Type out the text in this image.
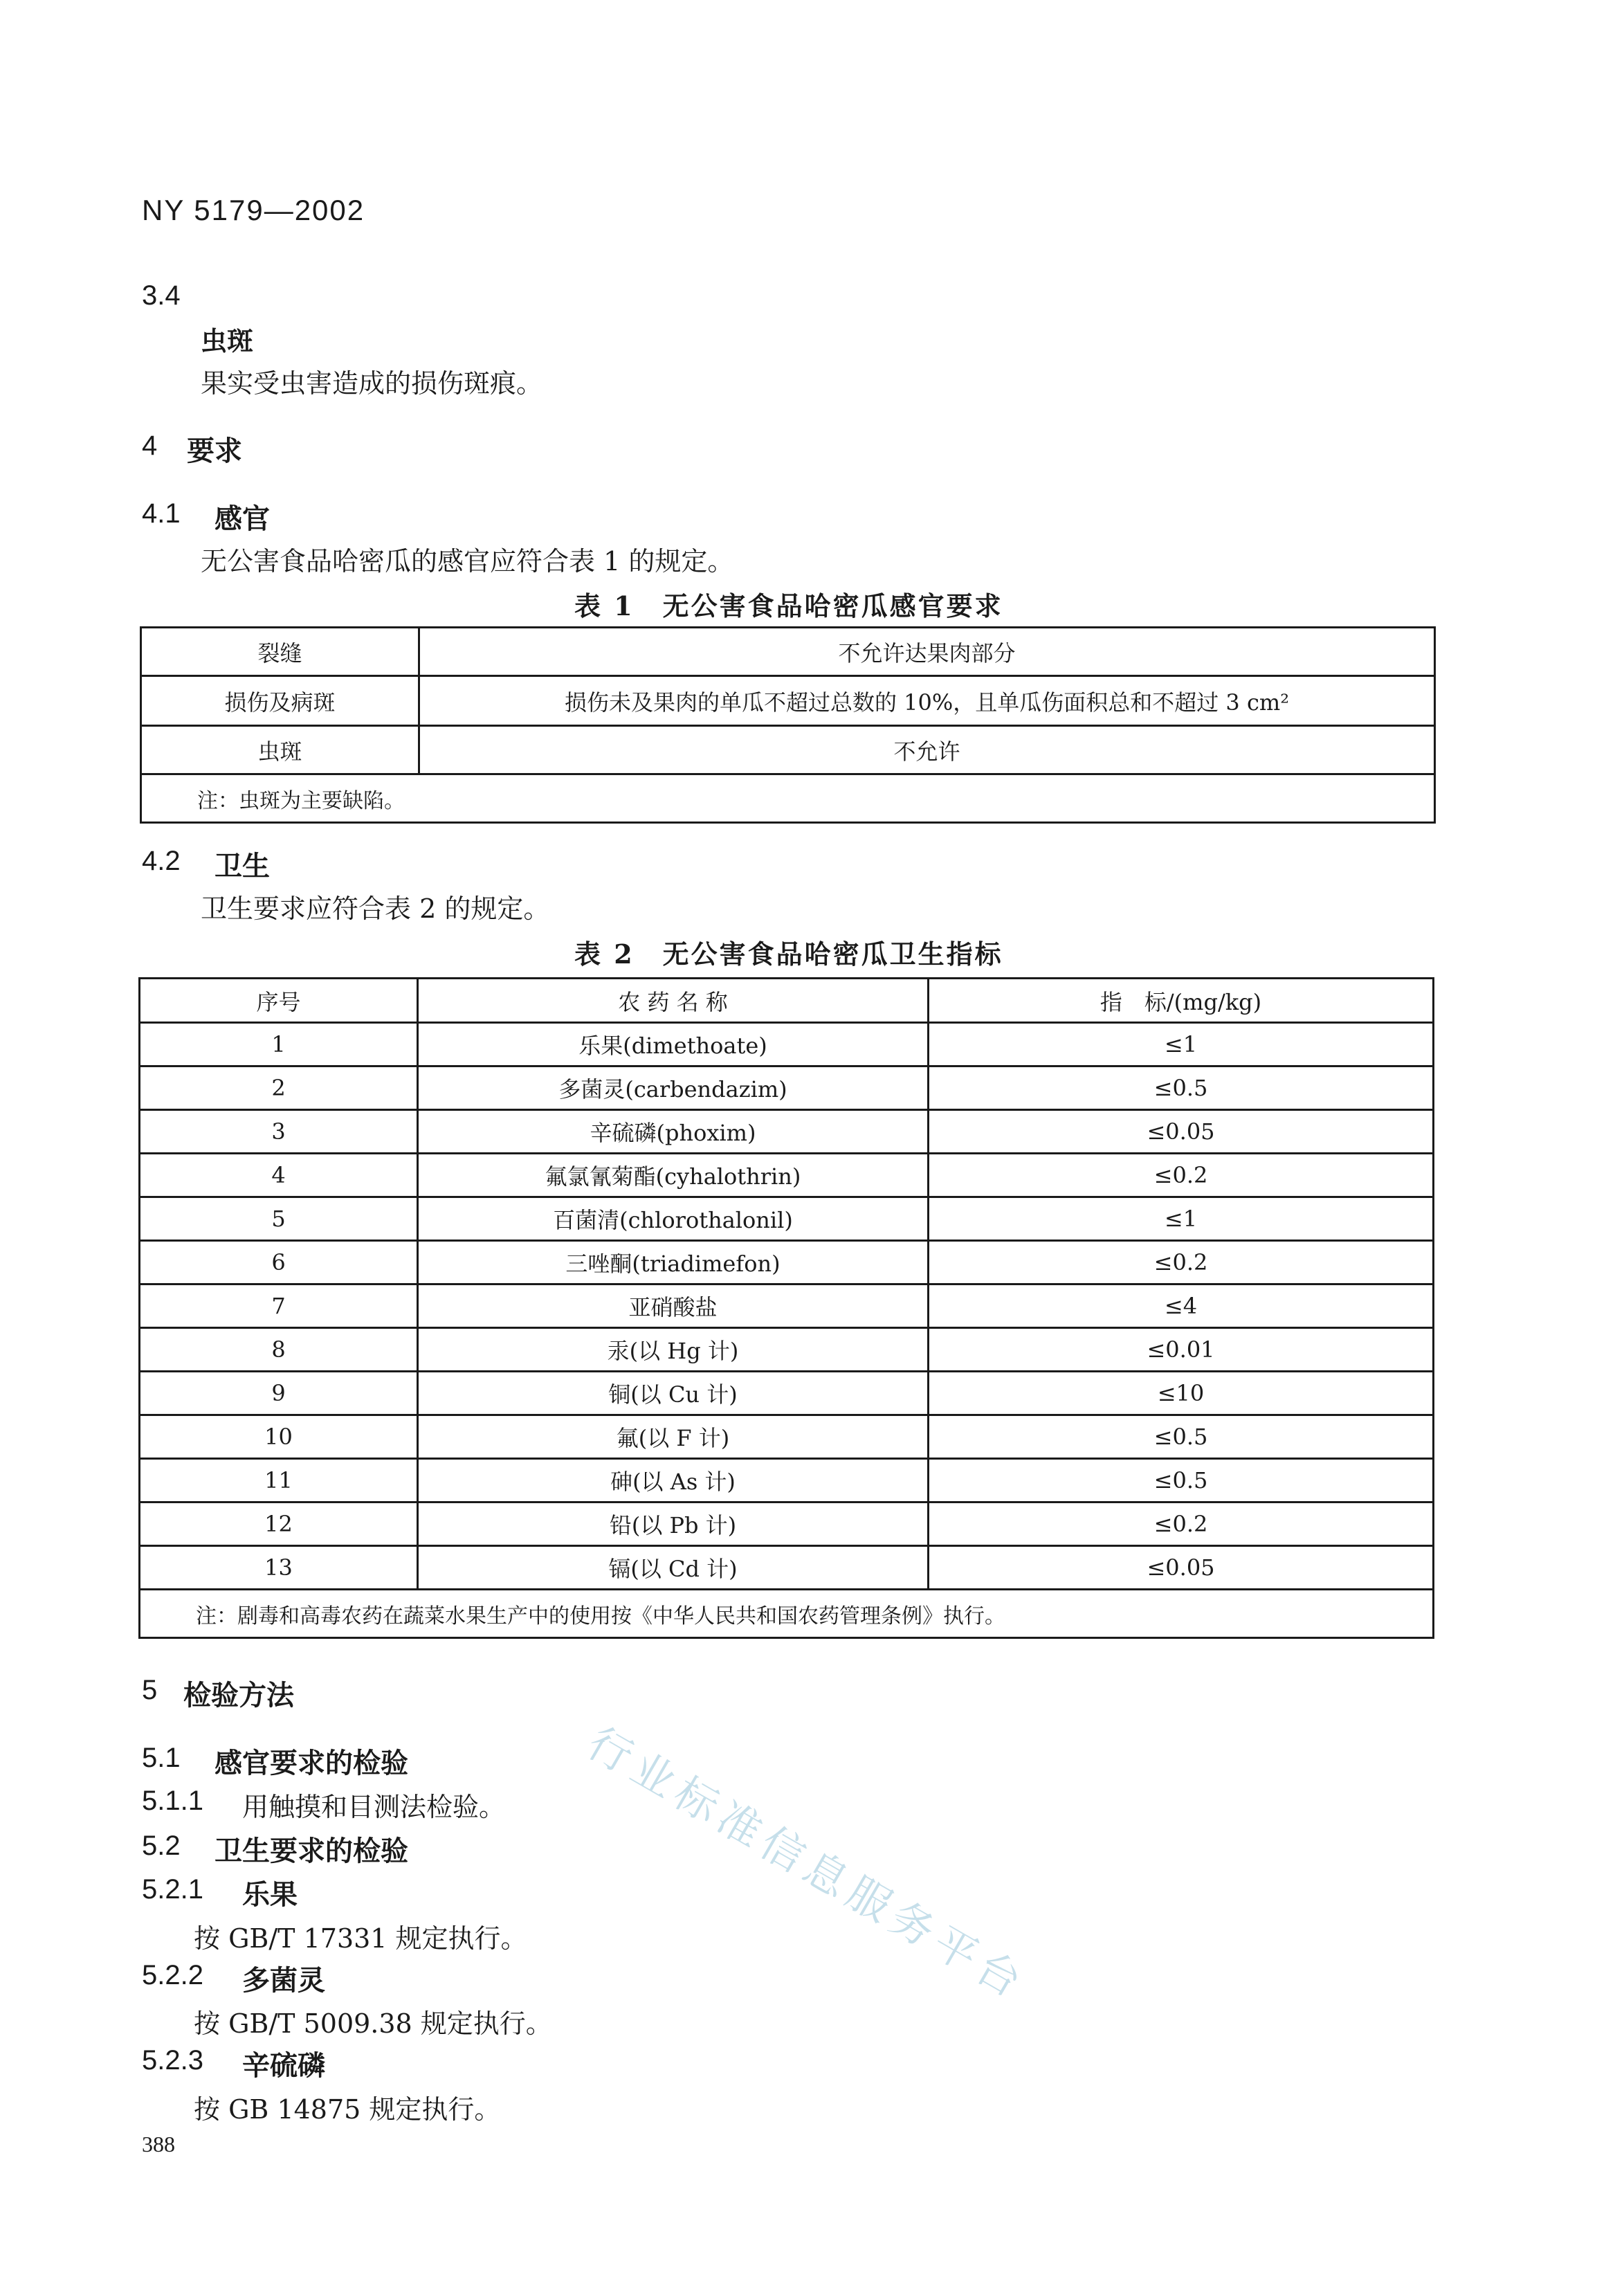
NY 5179—2002
3.4
虫斑
果实受虫害造成的损伤斑痕。
4 要求
4.1 感官
无公害食品哈密瓜的感官应符合表 1 的规定。
表 1　无公害食品哈密瓜感官要求
裂缝	不允许达果肉部分
损伤及病斑	损伤未及果肉的单瓜不超过总数的 10%，且单瓜伤面积总和不超过 3 cm²
虫斑	不允许
注：虫斑为主要缺陷。	
4.2 卫生
卫生要求应符合表 2 的规定。
表 2　无公害食品哈密瓜卫生指标
序号	农 药 名 称	指　标/(mg/kg)
1	乐果(dimethoate)	≤1
2	多菌灵(carbendazim)	≤0.5
3	辛硫磷(phoxim)	≤0.05
4	氟氯氰菊酯(cyhalothrin)	≤0.2
5	百菌清(chlorothalonil)	≤1
6	三唑酮(triadimefon)	≤0.2
7	亚硝酸盐	≤4
8	汞(以 Hg 计)	≤0.01
9	铜(以 Cu 计)	≤10
10	氟(以 F 计)	≤0.5
11	砷(以 As 计)	≤0.5
12	铅(以 Pb 计)	≤0.2
13	镉(以 Cd 计)	≤0.05
注：剧毒和高毒农药在蔬菜水果生产中的使用按《中华人民共和国农药管理条例》执行。		
行业标准信息服务平台
5 检验方法
5.1 感官要求的检验
5.1.1 用触摸和目测法检验。
5.2 卫生要求的检验
5.2.1 乐果
按 GB/T 17331 规定执行。
5.2.2 多菌灵
按 GB/T 5009.38 规定执行。
5.2.3 辛硫磷
按 GB 14875 规定执行。
388
